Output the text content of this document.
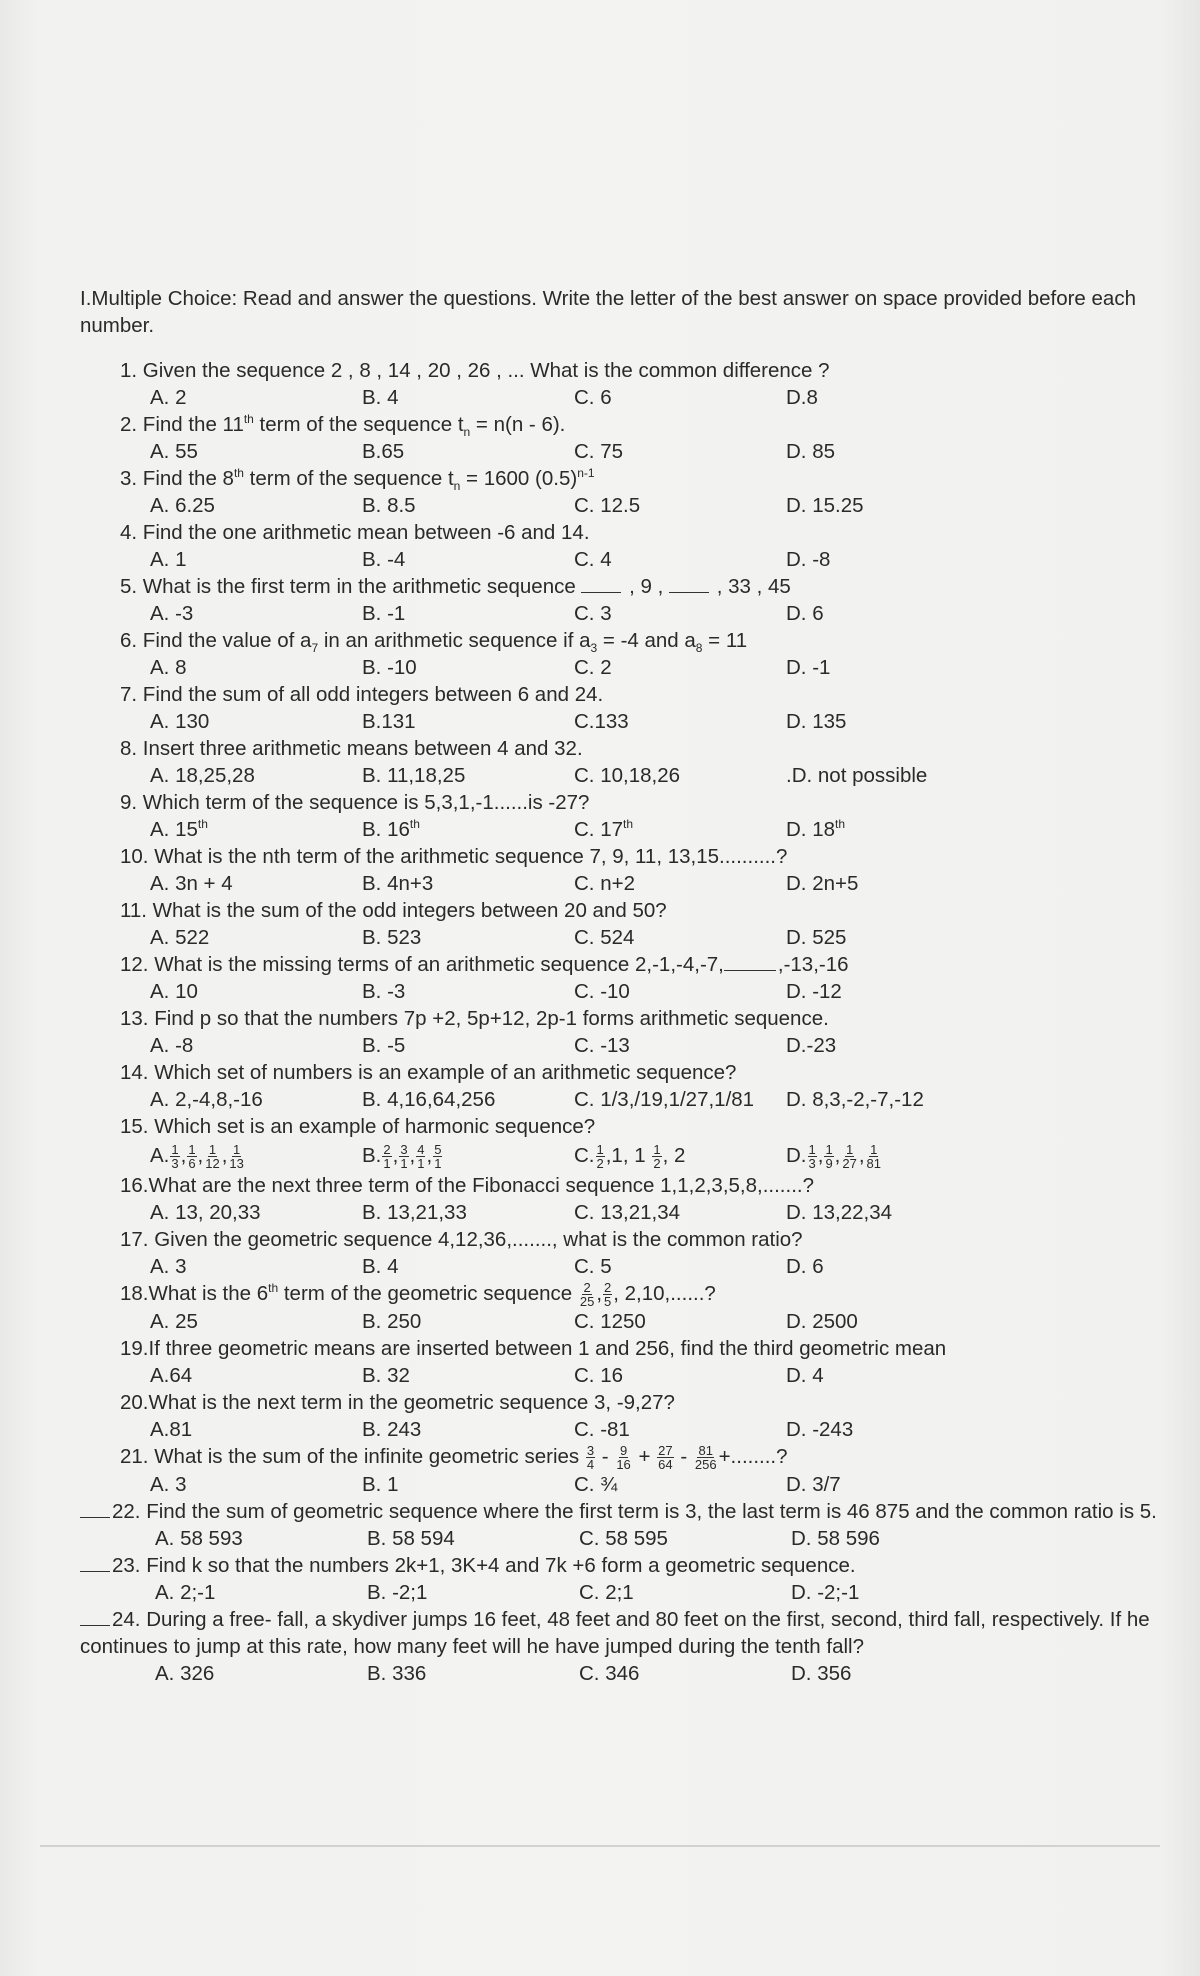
I.Multiple Choice: Read and answer the questions. Write the letter of the best answer on space provided before each number.

1. Given the sequence 2 , 8 , 14 , 20 , 26 , ... What is the common difference ?
A. 2	B. 4	C. 6	D.8
2. Find the 11th term of the sequence $t_n = n(n - 6)$.
A. 55	B.65	C. 75	D. 85
3. Find the 8th term of the sequence $t_n = 1600$ $(0.5)^{n-1}$
A. 6.25	B. 8.5	C. 12.5	D. 15.25
4. Find the one arithmetic mean between -6 and 14.
A. 1	B. -4	C. 4	D. -8
5. What is the first term in the arithmetic sequence  , 9 ,  , 33 , 45
A. -3	B. -1	C. 3	D. 6
6. Find the value of $a_7$ in an arithmetic sequence if $a_3 = -4$ and $a_8 = 11$
A. 8	B. -10	C. 2	D. -1
7. Find the sum of all odd integers between 6 and 24.
A. 130	B.131	C.133	D. 135
8. Insert three arithmetic means between 4 and 32.
A. 18,25,28	B. 11,18,25	C. 10,18,26	.D. not possible
9. Which term of the sequence is 5,3,1,-1......is -27?
A. 15th	B. 16th	C. 17th	D. 18th
10. What is the nth term of the arithmetic sequence 7, 9, 11, 13,15..........?
A. 3n + 4	B. 4n+3	C. n+2	D. 2n+5
11. What is the sum of the odd integers between 20 and 50?
A. 522	B. 523	C. 524	D. 525
12. What is the missing terms of an arithmetic sequence 2,-1,-4,-7,	,-13,-16
A. 10	B. -3	C. -10	D. -12
13. Find p so that the numbers 7p +2, 5p+12, 2p-1 forms arithmetic sequence.
A. -8	B. -5	C. -13	D.-23
14. Which set of numbers is an example of an arithmetic sequence?
A. 2,-4,8,-16	B. 4,16,64,256	C. 1/3,/19,1/27,1/81	D. 8,3,-2,-7,-12
15. Which set is an example of harmonic sequence?
A. $\frac{1}{3}$ , $\frac{1}{6}$ , $\frac{1}{12}$ , $\frac{1}{13}$	B. $\frac{2}{1}$ , $\frac{3}{1}$ , $\frac{4}{1}$ , $\frac{5}{1}$	C. $\frac{1}{2} ,1$, $1 \frac{1}{2}$ , 2	D. $\frac{1}{3}$ , $\frac{1}{9}$ , $\frac{1}{27}$ , $\frac{1}{81}$
16.What are the next three term of the Fibonacci sequence 1,1,2,3,5,8,.......?
A. 13, 20,33	B. 13,21,33	C. 13,21,34	D. 13,22,34
17. Given the geometric sequence 4,12,36,......., what is the common ratio?
A. 3	B. 4	C. 5	D. 6
18.What is the 6th term of the geometric sequence $\frac{2}{25}$ , $\frac{2}{5}$ , 2,10,......?
A. 25	B. 250	C. 1250	D. 2500
19.If three geometric means are inserted between 1 and 256, find the third geometric mean
A.64	B. 32	C. 16	D. 4
20.What is the next term in the geometric sequence 3, -9,27?
A.81	B. 243	C. -81	D. -243
21. What is the sum of the infinite geometric series $\frac{3}{4} - \frac{9}{16} + \frac{27}{64} - \frac{81}{256}$ +........?
A. 3	B. 1	C. ¾	D. 3/7
22. Find the sum of geometric sequence where the first term is 3, the last term is 46 875 and the common ratio is 5.
A. 58 593	B. 58 594	C. 58 595	D. 58 596
23. Find k so that the numbers 2k+1, 3K+4 and 7k +6 form a geometric sequence.
A. 2;-1	B. -2;1	C. 2;1	D. -2;-1
24. During a free- fall, a skydiver jumps 16 feet, 48 feet and 80 feet on the first, second, third fall, respectively. If he continues to jump at this rate, how many feet will he have jumped during the tenth fall?
A. 326	B. 336	C. 346	D. 356
